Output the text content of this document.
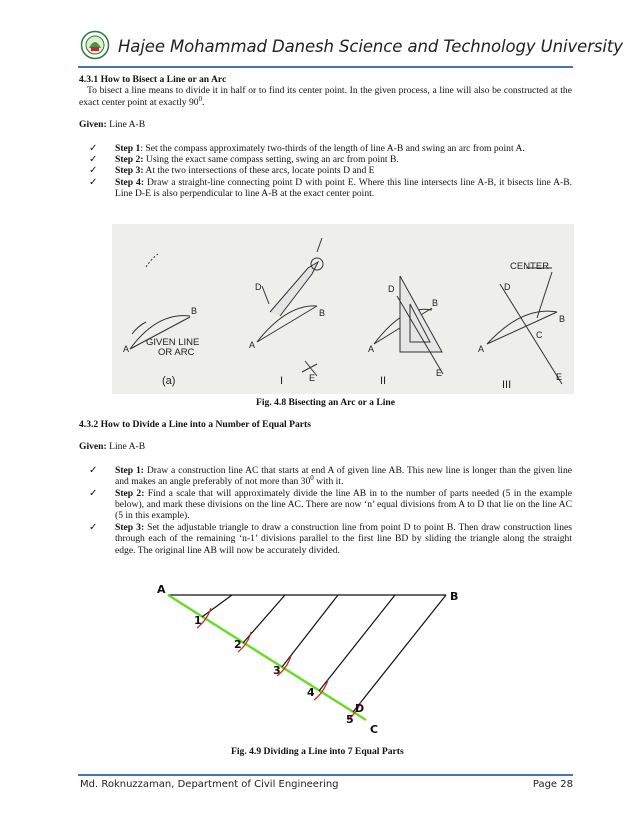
Hajee Mohammad Danesh Science and Technology University

4.3.1 How to Bisect a Line or an Arc

To bisect a line means to divide it in half or to find its center point. In the given process, a line will also be constructed at the exact center point at exactly $90^0$.

Given: Line A-B

✓ Step 1: Set the compass approximately two-thirds of the length of line A-B and swing an arc from point A.
✓ Step 2: Using the exact same compass setting, swing an arc from point B.
✓ Step 3: At the two intersections of these arcs, locate points D and E
✓ Step 4: Draw a straight-line connecting point D with point E. Where this line intersects line A-B, it bisects line A-B. Line D-E is also perpendicular to line A-B at the exact center point.
A
B
GIVEN LINE
OR ARC
(a)
A
B
D
E
I
A
B
D
E
II
CENTER
A
B
D
C
E
III
Fig. 4.8 Bisecting an Arc or a Line

4.3.2 How to Divide a Line into a Number of Equal Parts

Given: Line A-B

✓ Step 1: Draw a construction line AC that starts at end A of given line AB. This new line is longer than the given line and makes an angle preferably of not more than $30^0$ with it.
✓ Step 2: Find a scale that will approximately divide the line AB in to the number of parts needed (5 in the example below), and mark these divisions on the line AC. There are now ‘n’ equal divisions from A to D that lie on the line AC (5 in this example).
✓ Step 3: Set the adjustable triangle to draw a construction line from point D to point B. Then draw construction lines through each of the remaining ‘n-1’ divisions parallel to the first line BD by sliding the triangle along the straight edge. The original line AB will now be accurately divided.
A
B
1
2
3
4
D
5
C
Fig. 4.9 Dividing a Line into 7 Equal Parts
Md. Roknuzzaman, Department of Civil Engineering	Page 28
